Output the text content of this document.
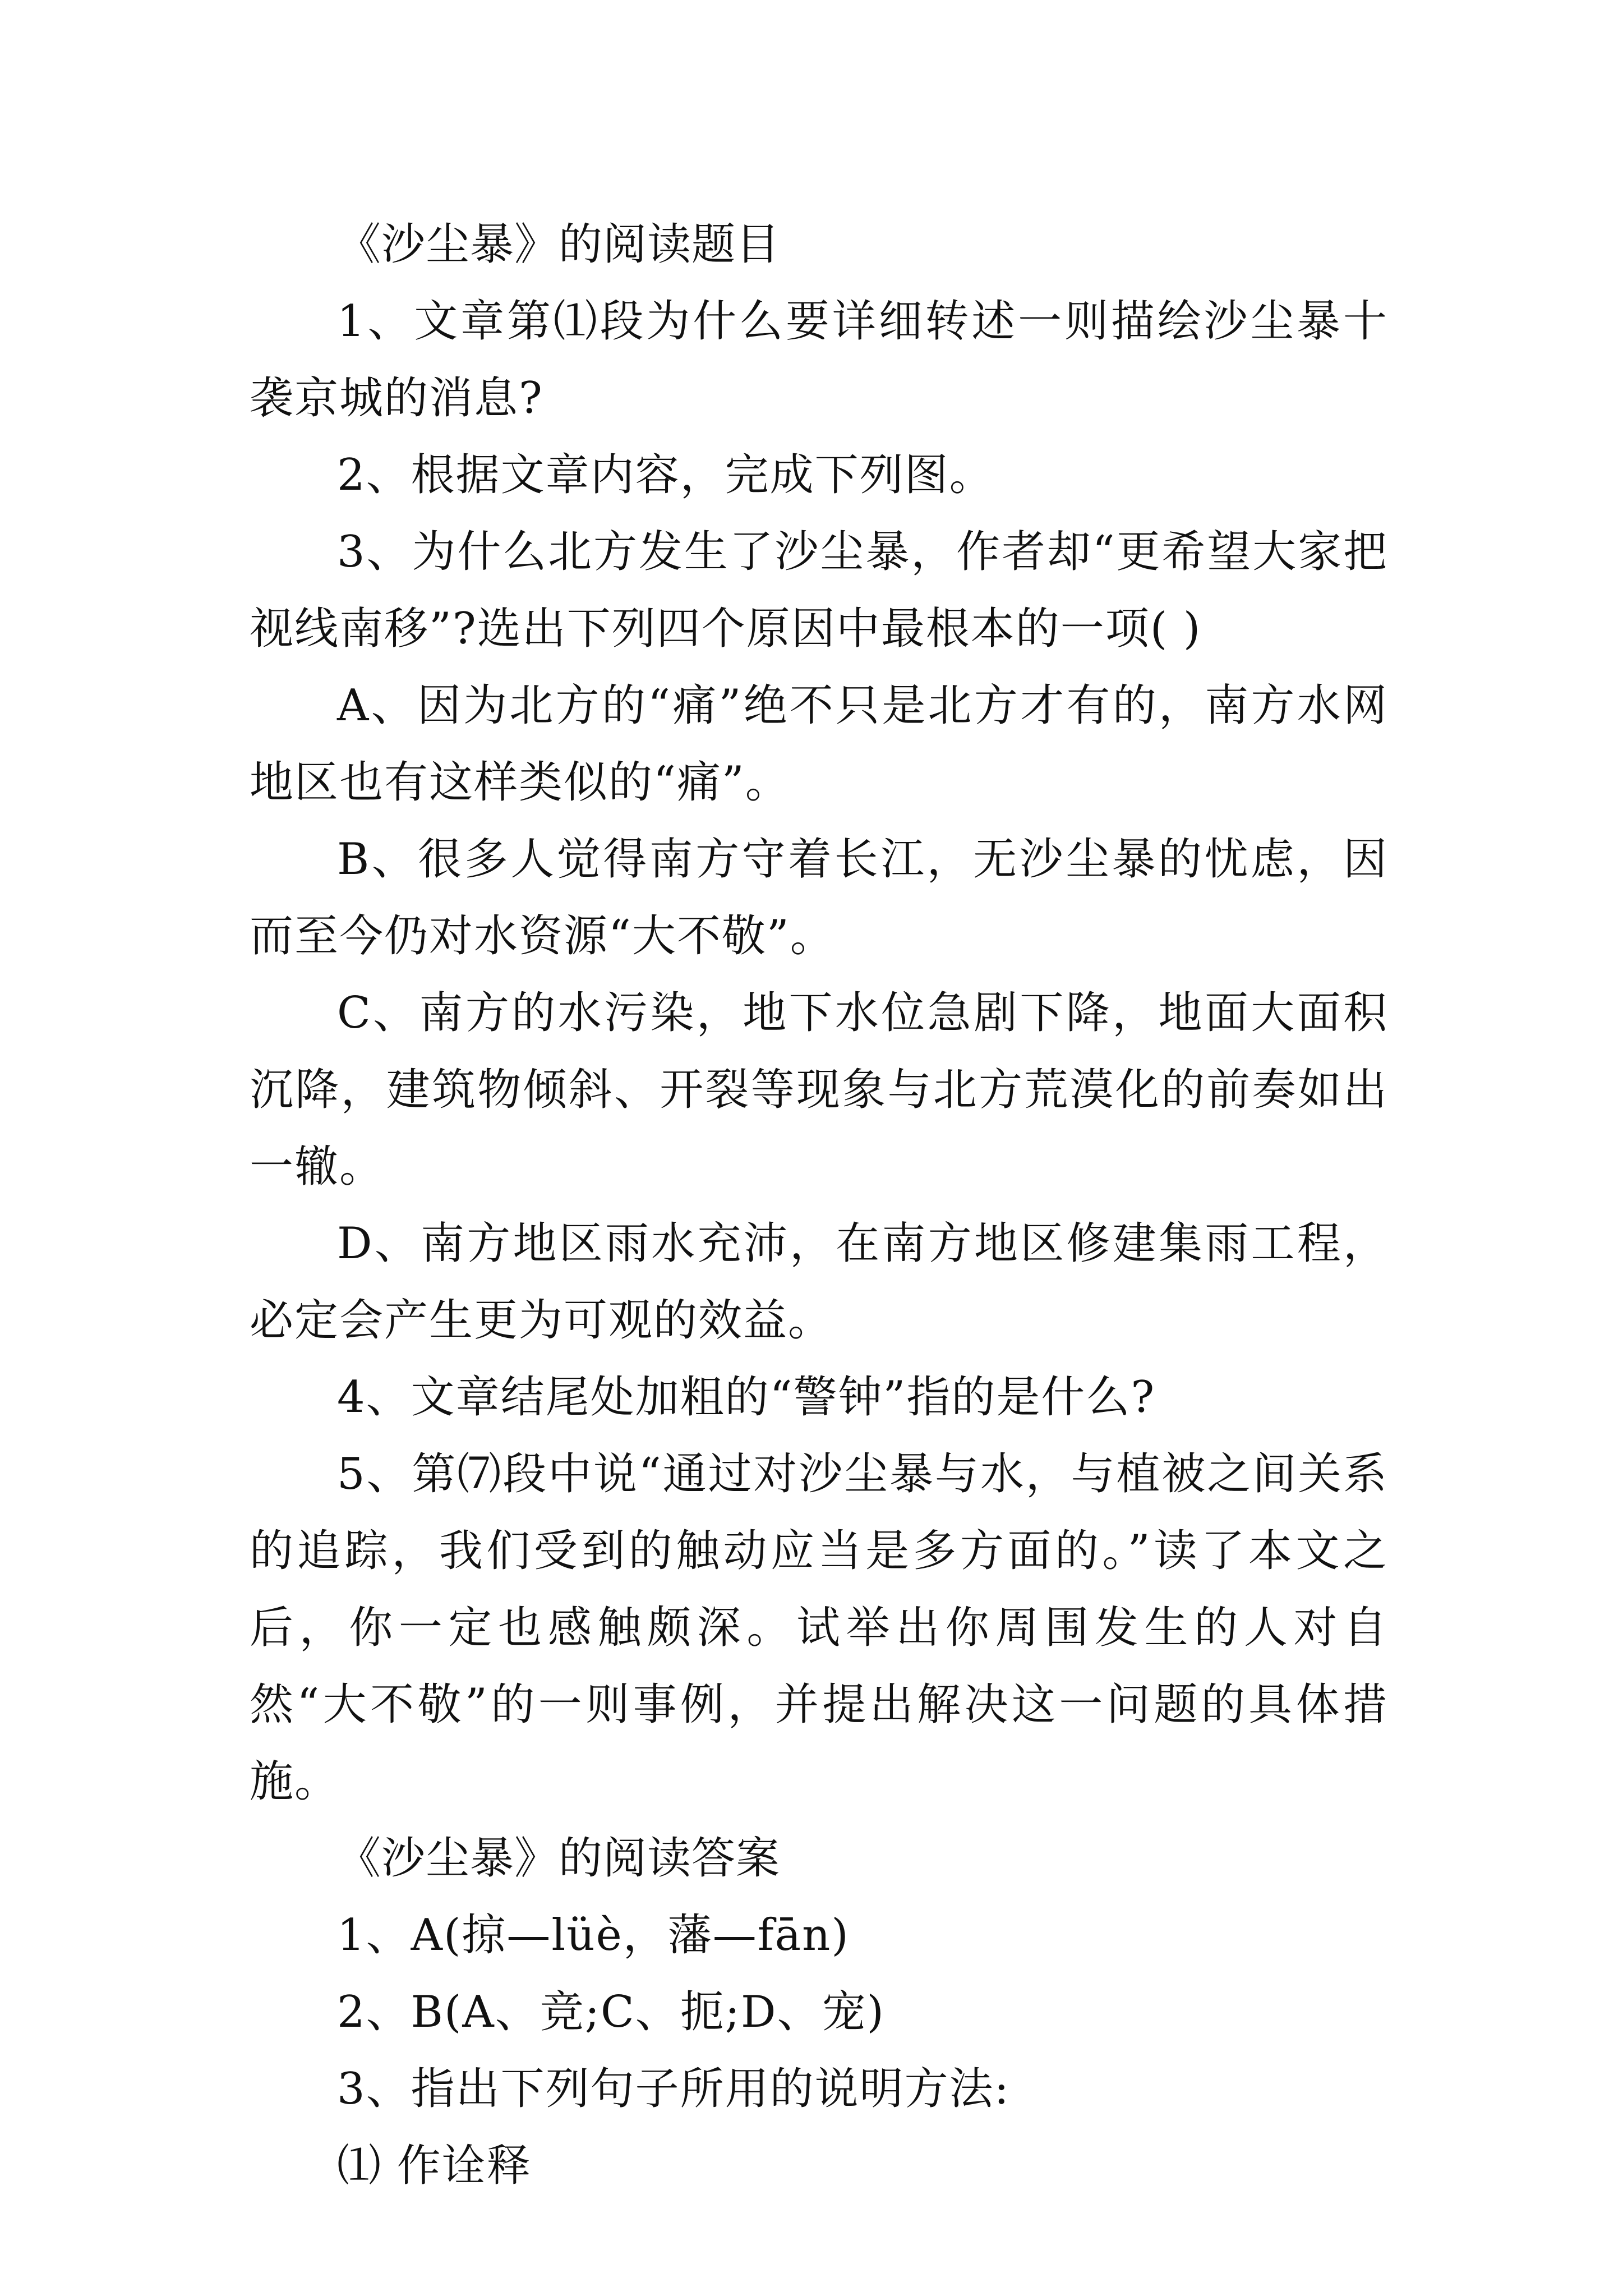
《沙尘暴》的阅读题目

1、文章第⑴段为什么要详细转述一则描绘沙尘暴十袭京城的消息?

2、根据文章内容，完成下列图。

3、为什么北方发生了沙尘暴，作者却“更希望大家把视线南移”?选出下列四个原因中最根本的一项( )

A、因为北方的“痛”绝不只是北方才有的，南方水网地区也有这样类似的“痛”。

B、很多人觉得南方守着长江，无沙尘暴的忧虑，因而至今仍对水资源“大不敬”。

C、南方的水污染，地下水位急剧下降，地面大面积沉降，建筑物倾斜、开裂等现象与北方荒漠化的前奏如出一辙。

D、南方地区雨水充沛，在南方地区修建集雨工程，必定会产生更为可观的效益。

4、文章结尾处加粗的“警钟”指的是什么?

5、第⑺段中说“通过对沙尘暴与水，与植被之间关系的追踪，我们受到的触动应当是多方面的。”读了本文之后，你一定也感触颇深。试举出你周围发生的人对自然“大不敬”的一则事例，并提出解决这一问题的具体措施。

《沙尘暴》的阅读答案

1、A(掠—lüè，藩—fān)

2、B(A、竞;C、扼;D、宠)

3、指出下列句子所用的说明方法:

⑴ 作诠释
